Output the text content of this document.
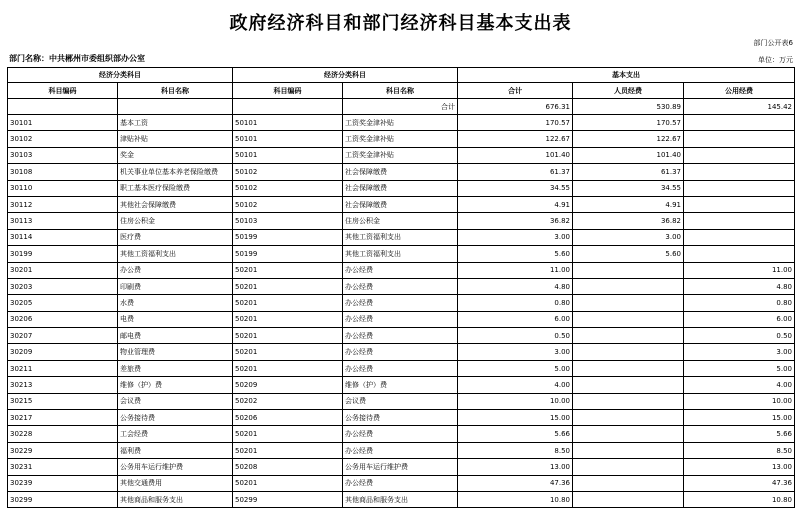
政府经济科目和部门经济科目基本支出表
部门公开表6
部门名称：中共郴州市委组织部办公室	单位：万元
经济分类科目		经济分类科目		基本支出		
科目编码	科目名称	科目编码	科目名称	合计	人员经费	公用经费
			合计	676.31	530.89	145.42
30101	基本工资	50101	工资奖金津补贴	170.57	170.57	
30102	津贴补贴	50101	工资奖金津补贴	122.67	122.67	
30103	奖金	50101	工资奖金津补贴	101.40	101.40	
30108	机关事业单位基本养老保险缴费	50102	社会保障缴费	61.37	61.37	
30110	职工基本医疗保险缴费	50102	社会保障缴费	34.55	34.55	
30112	其他社会保障缴费	50102	社会保障缴费	4.91	4.91	
30113	住房公积金	50103	住房公积金	36.82	36.82	
30114	医疗费	50199	其他工资福利支出	3.00	3.00	
30199	其他工资福利支出	50199	其他工资福利支出	5.60	5.60	
30201	办公费	50201	办公经费	11.00		11.00
30203	印刷费	50201	办公经费	4.80		4.80
30205	水费	50201	办公经费	0.80		0.80
30206	电费	50201	办公经费	6.00		6.00
30207	邮电费	50201	办公经费	0.50		0.50
30209	物业管理费	50201	办公经费	3.00		3.00
30211	差旅费	50201	办公经费	5.00		5.00
30213	维修（护）费	50209	维修（护）费	4.00		4.00
30215	会议费	50202	会议费	10.00		10.00
30217	公务接待费	50206	公务接待费	15.00		15.00
30228	工会经费	50201	办公经费	5.66		5.66
30229	福利费	50201	办公经费	8.50		8.50
30231	公务用车运行维护费	50208	公务用车运行维护费	13.00		13.00
30239	其他交通费用	50201	办公经费	47.36		47.36
30299	其他商品和服务支出	50299	其他商品和服务支出	10.80		10.80
